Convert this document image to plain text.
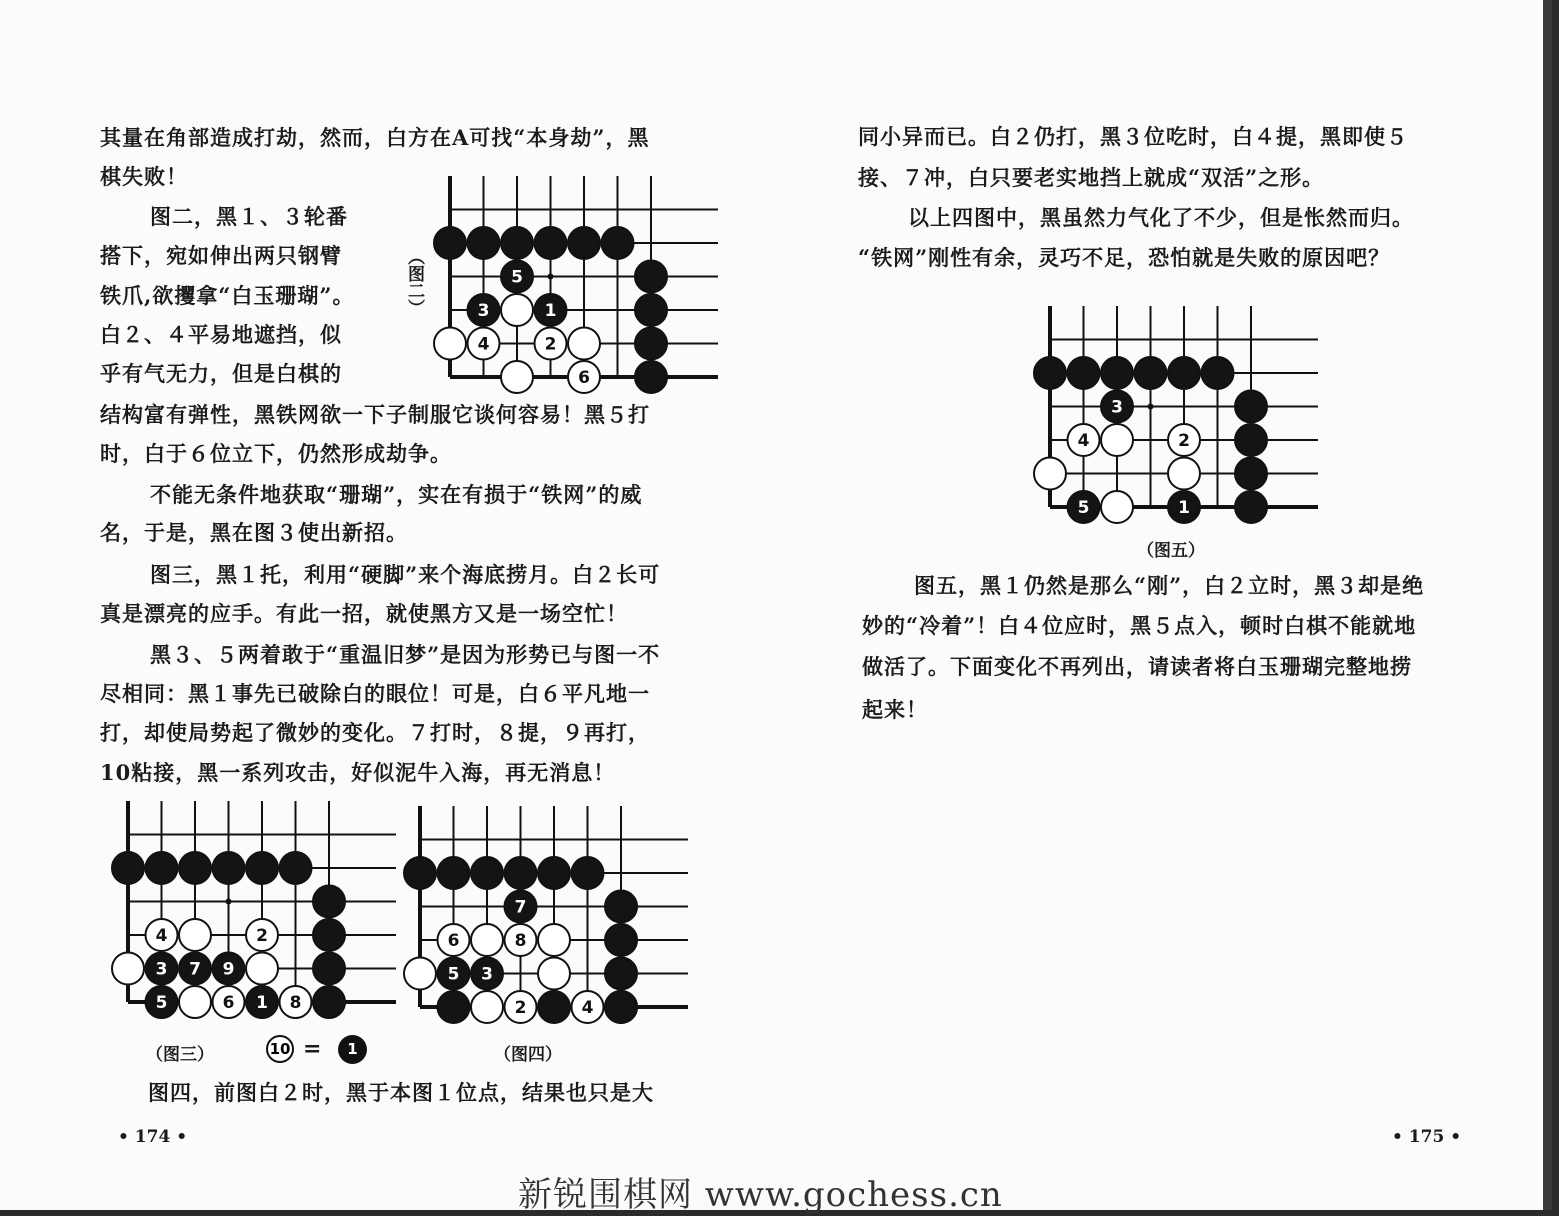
其量在角部造成打劫，然而，白方在A可找“本身劫”，黑
棋失败！
图二，黑１、３轮番
搭下，宛如伸出两只钢臂
铁爪,欲攫拿“白玉珊瑚”。
白２、４平易地遮挡，似
乎有气无力，但是白棋的
结构富有弹性，黑铁网欲一下子制服它谈何容易！黑５打
时，白于６位立下，仍然形成劫争。
不能无条件地获取“珊瑚”，实在有损于“铁网”的威
名，于是，黑在图３使出新招。
图三，黑１托，利用“硬脚”来个海底捞月。白２长可
真是漂亮的应手。有此一招，就使黑方又是一场空忙！
黑３、５两着敢于“重温旧梦”是因为形势已与图一不
尽相同：黑１事先已破除白的眼位！可是，白６平凡地一
打，却使局势起了微妙的变化。７打时，８提，９再打，
10粘接，黑一系列攻击，好似泥牛入海，再无消息！
图四，前图白２时，黑于本图１位点，结果也只是大
（图二）	5
3	1
4	2
6
3 7 9
5	1
4	2
6	8
7
5 3
6	8
2	4
（图三）	（图四）
10 =	1
• 174 •
同小异而已。白２仍打，黑３位吃时，白４提，黑即使５
接、７冲，白只要老实地挡上就成“双活”之形。
以上四图中，黑虽然力气化了不少，但是怅然而归。
“铁网”刚性有余，灵巧不足，恐怕就是失败的原因吧？
3
5	1
4	2
（图五）
图五，黑１仍然是那么“刚”，白２立时，黑３却是绝
妙的“冷着”！白４位应时，黑５点入，顿时白棋不能就地
做活了。下面变化不再列出，请读者将白玉珊瑚完整地捞
起来！
• 175 •
新锐围棋网 www.gochess.cn
